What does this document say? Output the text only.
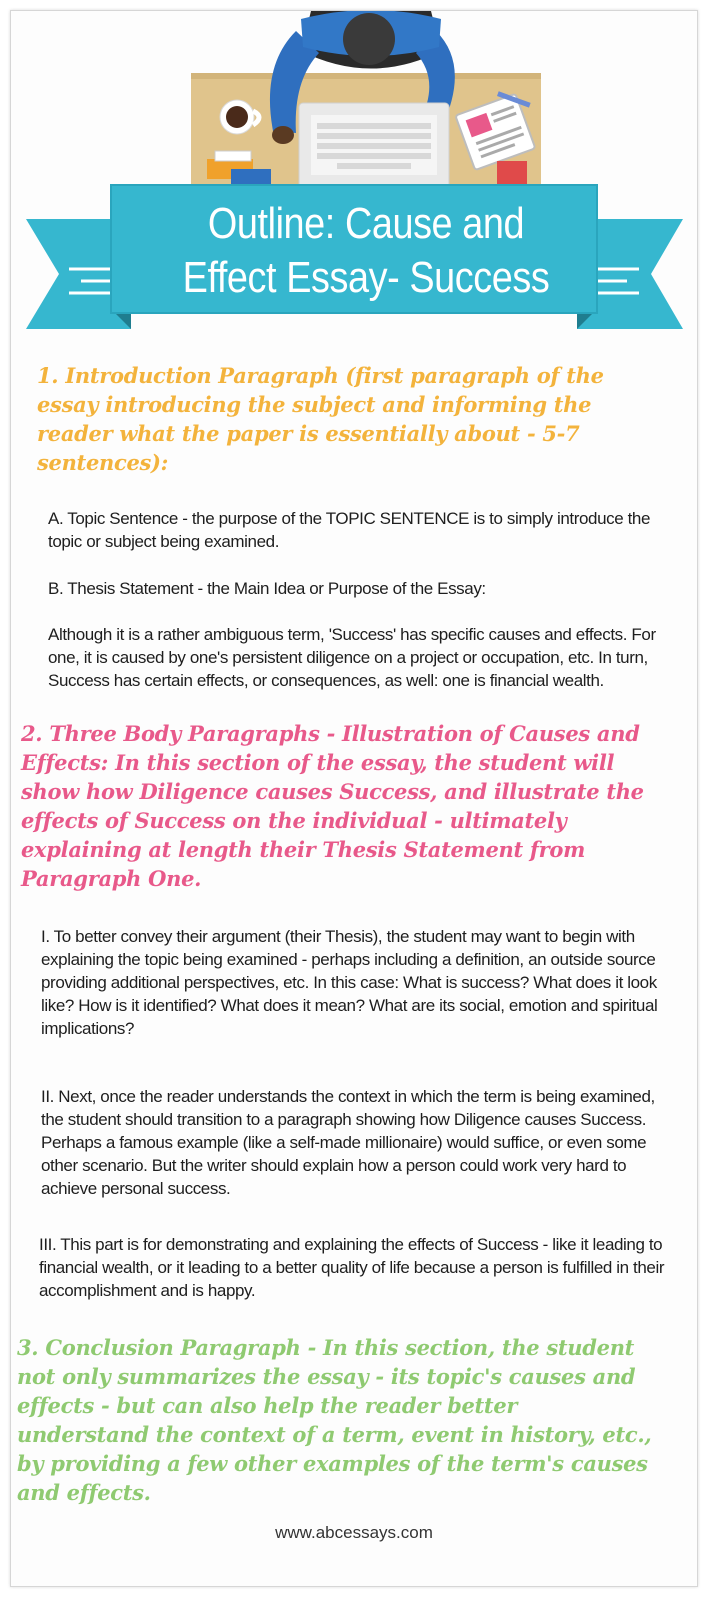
Outline: Cause and
Effect Essay- Success

1. Introduction Paragraph (first paragraph of the essay introducing the subject and informing the reader what the paper is essentially about - 5-7 sentences):

A. Topic Sentence - the purpose of the TOPIC SENTENCE is to simply introduce the topic or subject being examined.

B. Thesis Statement - the Main Idea or Purpose of the Essay:

Although it is a rather ambiguous term, 'Success' has specific causes and effects. For one, it is caused by one's persistent diligence on a project or occupation, etc. In turn, Success has certain effects, or consequences, as well: one is financial wealth.

2. Three Body Paragraphs - Illustration of Causes and Effects: In this section of the essay, the student will show how Diligence causes Success, and illustrate the effects of Success on the individual - ultimately explaining at length their Thesis Statement from Paragraph One.

I. To better convey their argument (their Thesis), the student may want to begin with explaining the topic being examined - perhaps including a definition, an outside source providing additional perspectives, etc. In this case: What is success? What does it look like? How is it identified? What does it mean? What are its social, emotion and spiritual implications?

II. Next, once the reader understands the context in which the term is being examined, the student should transition to a paragraph showing how Diligence causes Success. Perhaps a famous example (like a self-made millionaire) would suffice, or even some other scenario. But the writer should explain how a person could work very hard to achieve personal success.

III. This part is for demonstrating and explaining the effects of Success - like it leading to financial wealth, or it leading to a better quality of life because a person is fulfilled in their accomplishment and is happy.

3. Conclusion Paragraph - In this section, the student not only summarizes the essay - its topic's causes and effects - but can also help the reader better understand the context of a term, event in history, etc., by providing a few other examples of the term's causes and effects.

www.abcessays.com
